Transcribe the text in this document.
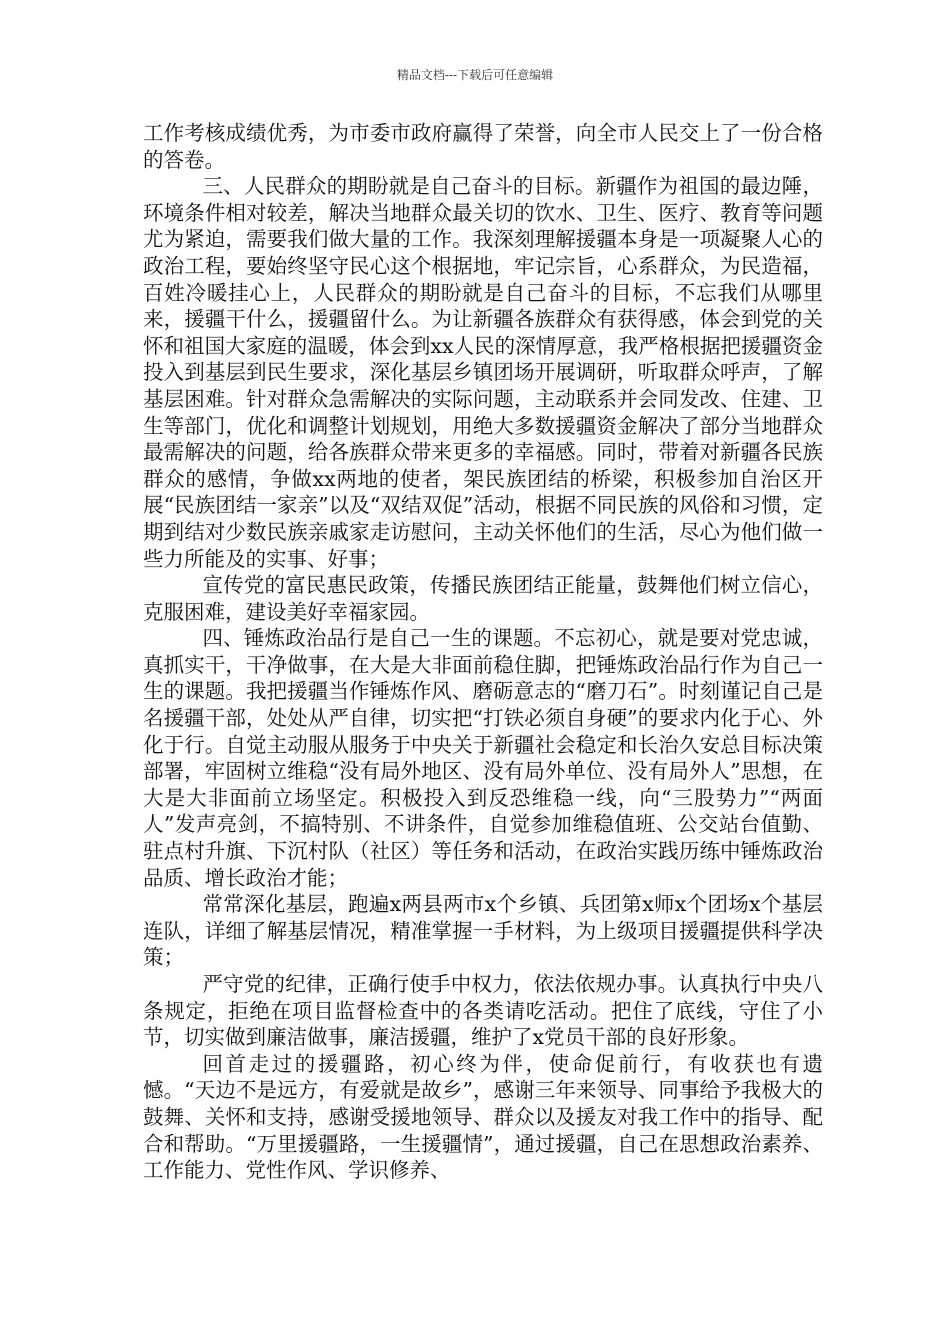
精品文档---下载后可任意编辑

工作考核成绩优秀，为市委市政府赢得了荣誉，向全市人民交上了一份合格的答卷。

三、人民群众的期盼就是自己奋斗的目标。新疆作为祖国的最边陲，环境条件相对较差，解决当地群众最关切的饮水、卫生、医疗、教育等问题尤为紧迫，需要我们做大量的工作。我深刻理解援疆本身是一项凝聚人心的政治工程，要始终坚守民心这个根据地，牢记宗旨，心系群众，为民造福，百姓冷暖挂心上，人民群众的期盼就是自己奋斗的目标，不忘我们从哪里来，援疆干什么，援疆留什么。为让新疆各族群众有获得感，体会到党的关怀和祖国大家庭的温暖，体会到xx人民的深情厚意，我严格根据把援疆资金投入到基层到民生要求，深化基层乡镇团场开展调研，听取群众呼声，了解基层困难。针对群众急需解决的实际问题，主动联系并会同发改、住建、卫生等部门，优化和调整计划规划，用绝大多数援疆资金解决了部分当地群众最需解决的问题，给各族群众带来更多的幸福感。同时，带着对新疆各民族群众的感情，争做xx两地的使者，架民族团结的桥梁，积极参加自治区开展“民族团结一家亲”以及“双结双促”活动，根据不同民族的风俗和习惯，定期到结对少数民族亲戚家走访慰问，主动关怀他们的生活，尽心为他们做一些力所能及的实事、好事；

宣传党的富民惠民政策，传播民族团结正能量，鼓舞他们树立信心，克服困难，建设美好幸福家园。

四、锤炼政治品行是自己一生的课题。不忘初心，就是要对党忠诚，真抓实干，干净做事，在大是大非面前稳住脚，把锤炼政治品行作为自己一生的课题。我把援疆当作锤炼作风、磨砺意志的“磨刀石”。时刻谨记自己是名援疆干部，处处从严自律，切实把“打铁必须自身硬”的要求内化于心、外化于行。自觉主动服从服务于中央关于新疆社会稳定和长治久安总目标决策部署，牢固树立维稳“没有局外地区、没有局外单位、没有局外人”思想，在大是大非面前立场坚定。积极投入到反恐维稳一线，向“三股势力”“两面人”发声亮剑，不搞特别、不讲条件，自觉参加维稳值班、公交站台值勤、驻点村升旗、下沉村队（社区）等任务和活动，在政治实践历练中锤炼政治品质、增长政治才能；

常常深化基层，跑遍x两县两市x个乡镇、兵团第x师x个团场x个基层连队，详细了解基层情况，精准掌握一手材料，为上级项目援疆提供科学决策；

严守党的纪律，正确行使手中权力，依法依规办事。认真执行中央八条规定，拒绝在项目监督检查中的各类请吃活动。把住了底线，守住了小节，切实做到廉洁做事，廉洁援疆，维护了x党员干部的良好形象。

回首走过的援疆路，初心终为伴，使命促前行，有收获也有遗憾。“天边不是远方，有爱就是故乡”，感谢三年来领导、同事给予我极大的鼓舞、关怀和支持，感谢受援地领导、群众以及援友对我工作中的指导、配合和帮助。“万里援疆路，一生援疆情”，通过援疆，自己在思想政治素养、工作能力、党性作风、学识修养、
